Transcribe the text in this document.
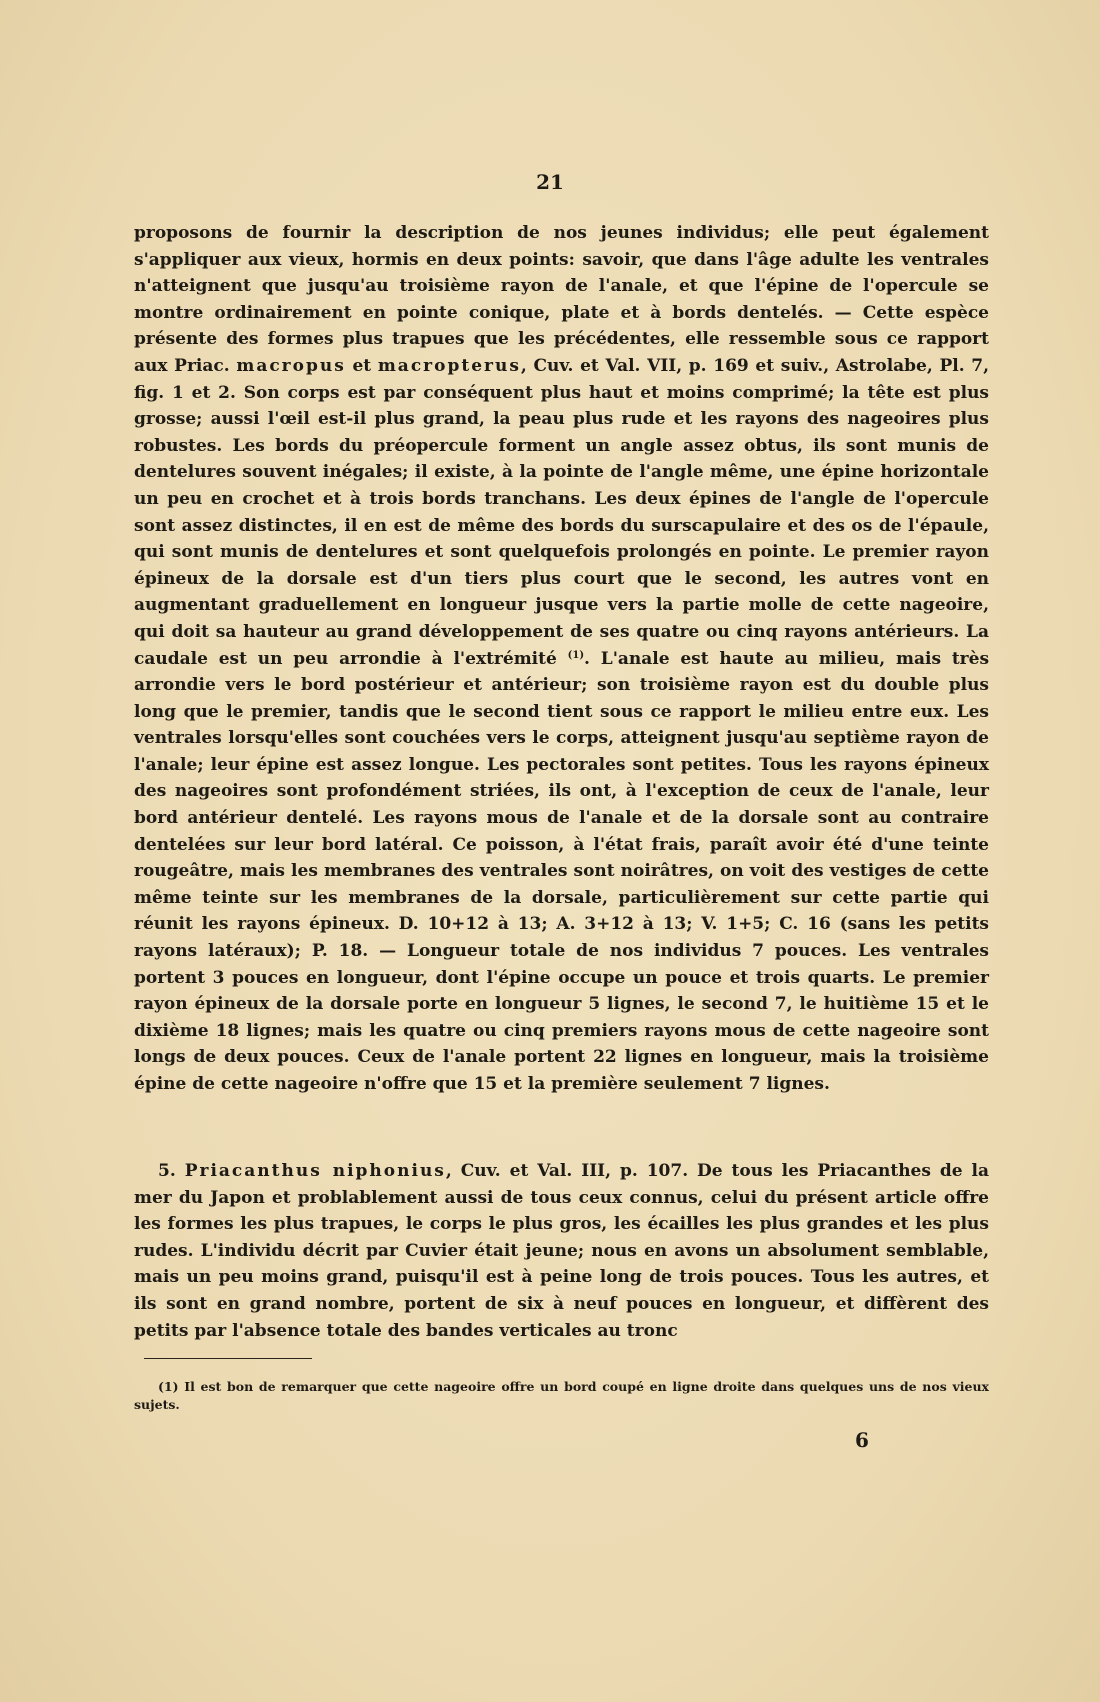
21

proposons de fournir la description de nos jeunes individus; elle peut également s'appliquer aux vieux, hormis en deux points: savoir, que dans l'âge adulte les ventrales n'atteignent que jusqu'au troisième rayon de l'anale, et que l'épine de l'opercule se montre ordinairement en pointe conique, plate et à bords dentelés. — Cette espèce présente des formes plus trapues que les précédentes, elle ressemble sous ce rapport aux Priac. macropus et macropterus, Cuv. et Val. VII, p. 169 et suiv., Astrolabe, Pl. 7, fig. 1 et 2. Son corps est par conséquent plus haut et moins comprimé; la tête est plus grosse; aussi l'œil est-il plus grand, la peau plus rude et les rayons des nageoires plus robustes. Les bords du préopercule forment un angle assez obtus, ils sont munis de dentelures souvent inégales; il existe, à la pointe de l'angle même, une épine horizontale un peu en crochet et à trois bords tranchans. Les deux épines de l'angle de l'opercule sont assez distinctes, il en est de même des bords du surscapulaire et des os de l'épaule, qui sont munis de dentelures et sont quelquefois prolongés en pointe. Le premier rayon épineux de la dorsale est d'un tiers plus court que le second, les autres vont en augmentant graduellement en longueur jusque vers la partie molle de cette nageoire, qui doit sa hauteur au grand développement de ses quatre ou cinq rayons antérieurs. La caudale est un peu arrondie à l'extrémité $^{(1)}$. L'anale est haute au milieu, mais très arrondie vers le bord postérieur et antérieur; son troisième rayon est du double plus long que le premier, tandis que le second tient sous ce rapport le milieu entre eux. Les ventrales lorsqu'elles sont couchées vers le corps, atteignent jusqu'au septième rayon de l'anale; leur épine est assez longue. Les pectorales sont petites. Tous les rayons épineux des nageoires sont profondément striées, ils ont, à l'exception de ceux de l'anale, leur bord antérieur dentelé. Les rayons mous de l'anale et de la dorsale sont au contraire dentelées sur leur bord latéral. Ce poisson, à l'état frais, paraît avoir été d'une teinte rougeâtre, mais les membranes des ventrales sont noirâtres, on voit des vestiges de cette même teinte sur les membranes de la dorsale, particulièrement sur cette partie qui réunit les rayons épineux. D. 10+12 à 13; A. 3+12 à 13; V. 1+5; C. 16 (sans les petits rayons latéraux); P. 18. — Longueur totale de nos individus 7 pouces. Les ventrales portent 3 pouces en longueur, dont l'épine occupe un pouce et trois quarts. Le premier rayon épineux de la dorsale porte en longueur 5 lignes, le second 7, le huitième 15 et le dixième 18 lignes; mais les quatre ou cinq premiers rayons mous de cette nageoire sont longs de deux pouces. Ceux de l'anale portent 22 lignes en longueur, mais la troisième épine de cette nageoire n'offre que 15 et la première seulement 7 lignes.

5. Priacanthus niphonius, Cuv. et Val. III, p. 107. De tous les Priacanthes de la mer du Japon et problablement aussi de tous ceux connus, celui du présent article offre les formes les plus trapues, le corps le plus gros, les écailles les plus grandes et les plus rudes. L'individu décrit par Cuvier était jeune; nous en avons un absolument semblable, mais un peu moins grand, puisqu'il est à peine long de trois pouces. Tous les autres, et ils sont en grand nombre, portent de six à neuf pouces en longueur, et diffèrent des petits par l'absence totale des bandes verticales au tronc

(1) Il est bon de remarquer que cette nageoire offre un bord coupé en ligne droite dans quelques uns de nos vieux sujets.

6
